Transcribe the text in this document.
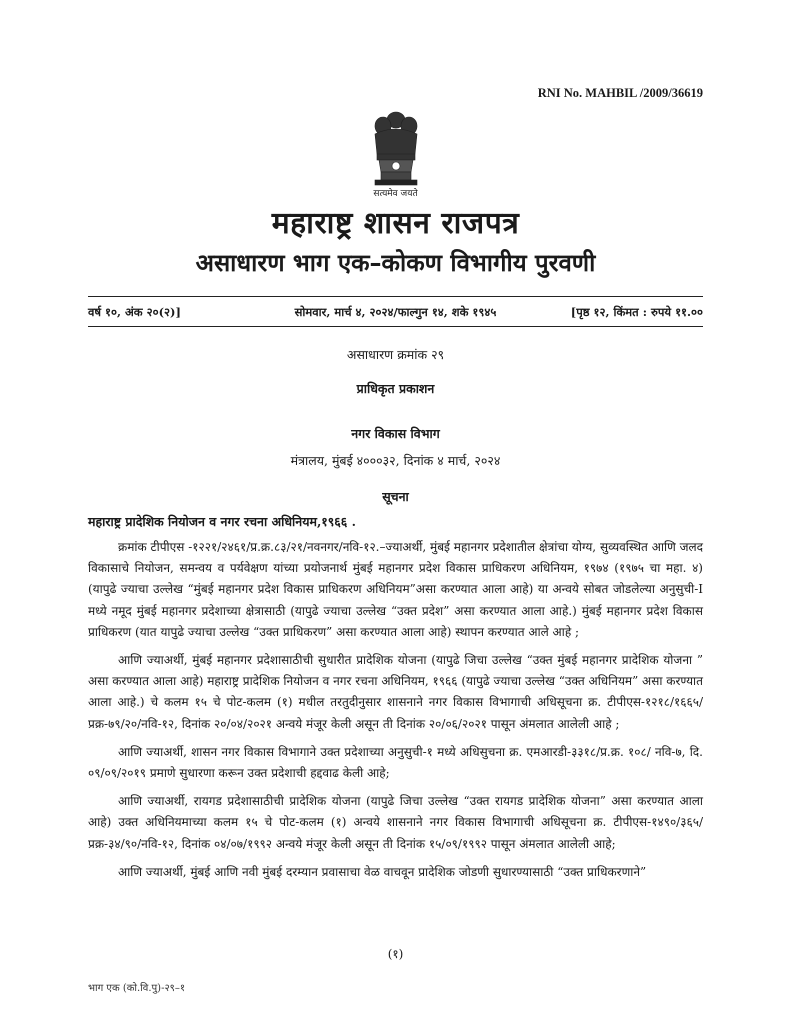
RNI No. MAHBIL /2009/36619
सत्यमेव जयते
महाराष्ट्र शासन राजपत्र
असाधारण भाग एक–कोकण विभागीय पुरवणी
वर्ष १०, अंक २०(२)]	सोमवार, मार्च ४, २०२४/फाल्गुन १४, शके १९४५	[पृष्ठ १२, किंमत : रुपये ११.००
असाधारण क्रमांक २९
प्राधिकृत प्रकाशन
नगर विकास विभाग
मंत्रालय, मुंबई ४०००३२, दिनांक ४ मार्च, २०२४
सूचना
महाराष्ट्र प्रादेशिक नियोजन व नगर रचना अधिनियम,१९६६ .

क्रमांक टीपीएस -१२२१/२४६१/प्र.क्र.८३/२१/नवनगर/नवि-१२.–ज्याअर्थी, मुंबई महानगर प्रदेशातील क्षेत्रांचा योग्य, सुव्यवस्थित आणि जलद विकासाचे नियोजन, समन्वय व पर्यवेक्षण यांच्या प्रयोजनार्थ मुंबई महानगर प्रदेश विकास प्राधिकरण अधिनियम, १९७४ (१९७५ चा महा. ४) (यापुढे ज्याचा उल्लेख “मुंबई महानगर प्रदेश विकास प्राधिकरण अधिनियम”असा करण्यात आला आहे) या अन्वये सोबत जोडलेल्या अनुसुची-I मध्ये नमूद मुंबई महानगर प्रदेशाच्या क्षेत्रासाठी (यापुढे ज्याचा उल्लेख “उक्त प्रदेश” असा करण्यात आला आहे.) मुंबई महानगर प्रदेश विकास प्राधिकरण (यात यापुढे ज्याचा उल्लेख “उक्त प्राधिकरण” असा करण्यात आला आहे) स्थापन करण्यात आले आहे ;

आणि ज्याअर्थी, मुंबई महानगर प्रदेशासाठीची सुधारीत प्रादेशिक योजना (यापुढे जिचा उल्लेख “उक्त मुंबई महानगर प्रादेशिक योजना ” असा करण्यात आला आहे) महाराष्ट्र प्रादेशिक नियोजन व नगर रचना अधिनियम, १९६६ (यापुढे ज्याचा उल्लेख “उक्त अधिनियम” असा करण्यात आला आहे.) चे कलम १५ चे पोट-कलम (१) मधील तरतुदीनुसार शासनाने नगर विकास विभागाची अधिसूचना क्र. टीपीएस-१२१८/१६६५/प्रक्र-७९/२०/नवि-१२, दिनांक २०/०४/२०२१ अन्वये मंजूर केली असून ती दिनांक २०/०६/२०२१ पासून अंमलात आलेली आहे ;

आणि ज्याअर्थी, शासन नगर विकास विभागाने उक्त प्रदेशाच्या अनुसुची-१ मध्ये अधिसुचना क्र. एमआरडी-३३१८/प्र.क्र. १०८/ नवि-७, दि. ०९/०९/२०१९ प्रमाणे सुधारणा करून उक्त प्रदेशाची हद्दवाढ केली आहे;

आणि ज्याअर्थी, रायगड प्रदेशासाठीची प्रादेशिक योजना (यापुढे जिचा उल्लेख “उक्त रायगड प्रादेशिक योजना” असा करण्यात आला आहे) उक्त अधिनियमाच्या कलम १५ चे पोट-कलम (१) अन्वये शासनाने नगर विकास विभागाची अधिसूचना क्र. टीपीएस-१४९०/३६५/प्रक्र-३४/९०/नवि-१२, दिनांक ०४/०७/१९९२ अन्वये मंजूर केली असून ती दिनांक १५/०९/१९९२ पासून अंमलात आलेली आहे;

आणि ज्याअर्थी, मुंबई आणि नवी मुंबई दरम्यान प्रवासाचा वेळ वाचवून प्रादेशिक जोडणी सुधारण्यासाठी “उक्त प्राधिकरणाने”

(१)
भाग एक (को.वि.पु)-२९–१
